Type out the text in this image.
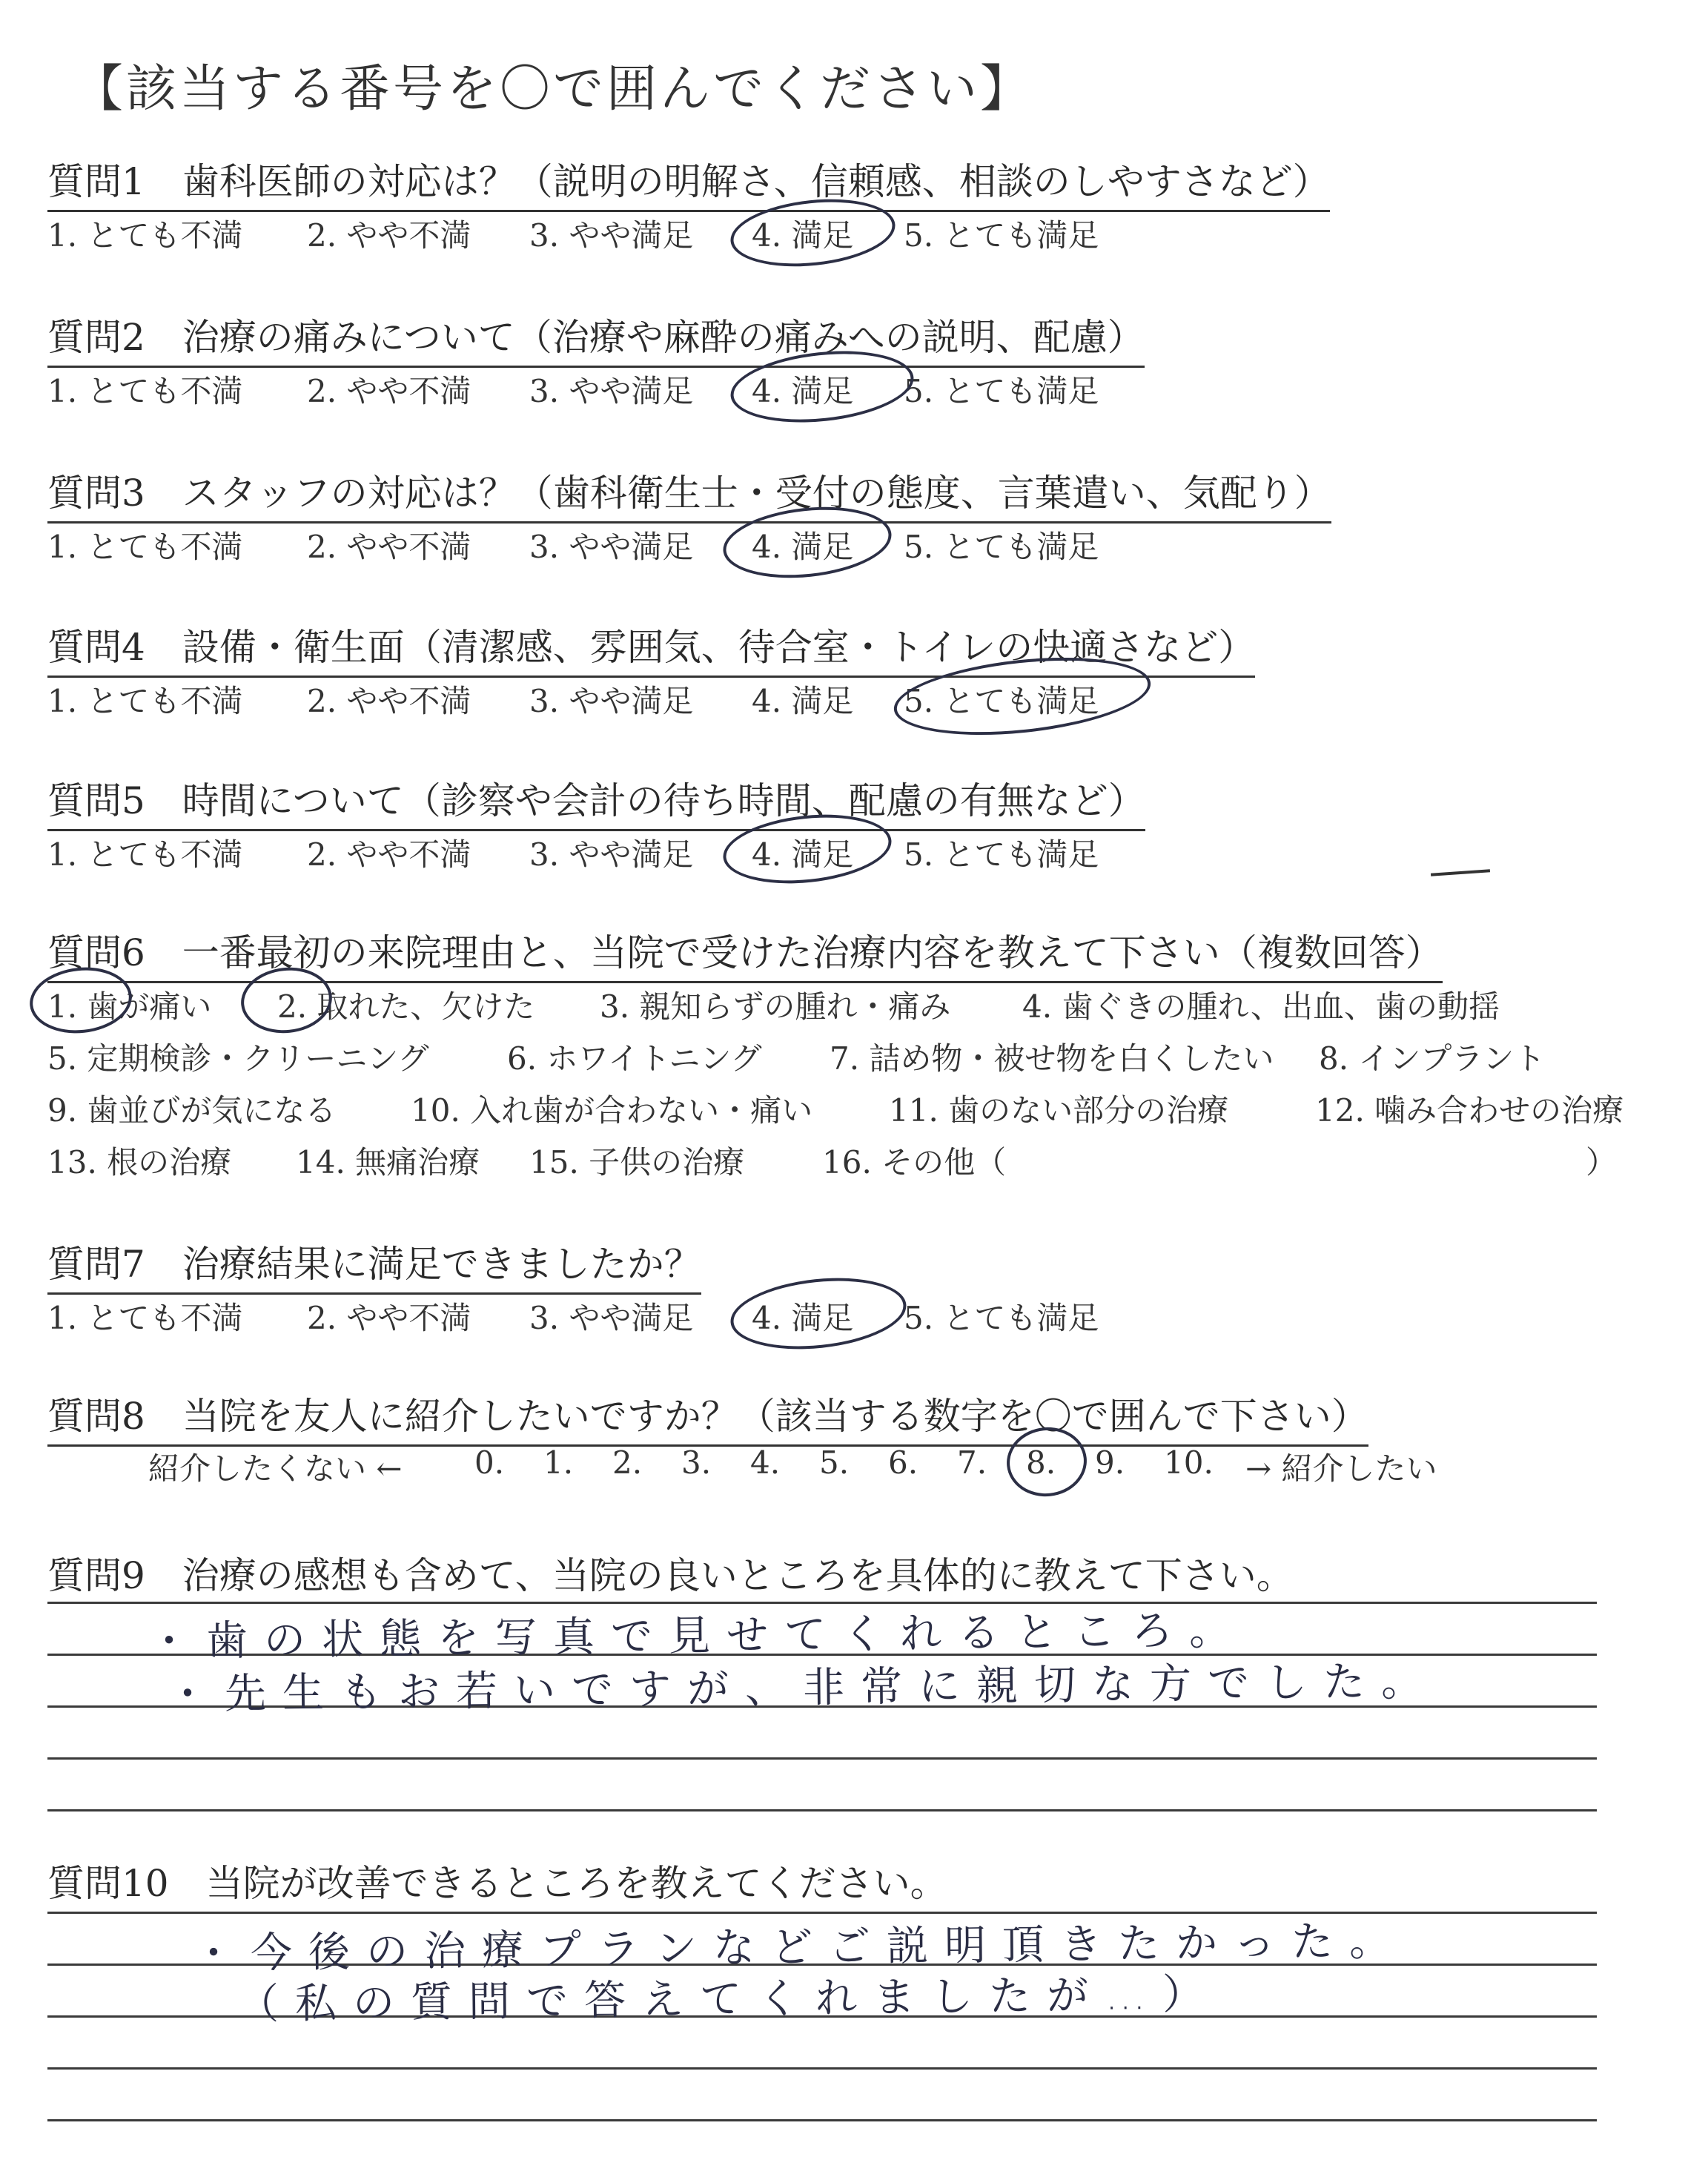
【該当する番号を〇で囲んでください】
質問1　歯科医師の対応は？（説明の明解さ、信頼感、相談のしやすさなど）
1. とても不満 2. やや不満 3. やや満足 4. 満足 5. とても満足
質問2　治療の痛みについて（治療や麻酔の痛みへの説明、配慮）
1. とても不満 2. やや不満 3. やや満足 4. 満足 5. とても満足
質問3　スタッフの対応は？（歯科衛生士・受付の態度、言葉遣い、気配り）
1. とても不満 2. やや不満 3. やや満足 4. 満足 5. とても満足
質問4　設備・衛生面（清潔感、雰囲気、待合室・トイレの快適さなど）
1. とても不満 2. やや不満 3. やや満足 4. 満足 5. とても満足
質問5　時間について（診察や会計の待ち時間、配慮の有無など）
1. とても不満 2. やや不満 3. やや満足 4. 満足 5. とても満足
質問6　一番最初の来院理由と、当院で受けた治療内容を教えて下さい（複数回答）
1. 歯が痛い 2. 取れた、欠けた 3. 親知らずの腫れ・痛み 4. 歯ぐきの腫れ、出血、歯の動揺
5. 定期検診・クリーニング	6. ホワイトニング 7. 詰め物・被せ物を白くしたい 8. インプラント
9. 歯並びが気になる 10. 入れ歯が合わない・痛い 11. 歯のない部分の治療	12. 噛み合わせの治療
13. 根の治療 14. 無痛治療 15. 子供の治療 16. その他（	）
質問7　治療結果に満足できましたか？
1. とても不満 2. やや不満 3. やや満足 4. 満足 5. とても満足
質問8　当院を友人に紹介したいですか？（該当する数字を〇で囲んで下さい）
紹介したくない ← 0. 1. 2. 3. 4. 5. 6. 7. 8. 9. 10. → 紹介したい
質問9　治療の感想も含めて、当院の良いところを具体的に教えて下さい。
・歯の状態を写真で見せてくれるところ。
・先生もお若いですが、非常に親切な方でした。
質問10　当院が改善できるところを教えてください。
・今後の治療プランなどご説明頂きたかった。
（私の質問で答えてくれましたが…）
